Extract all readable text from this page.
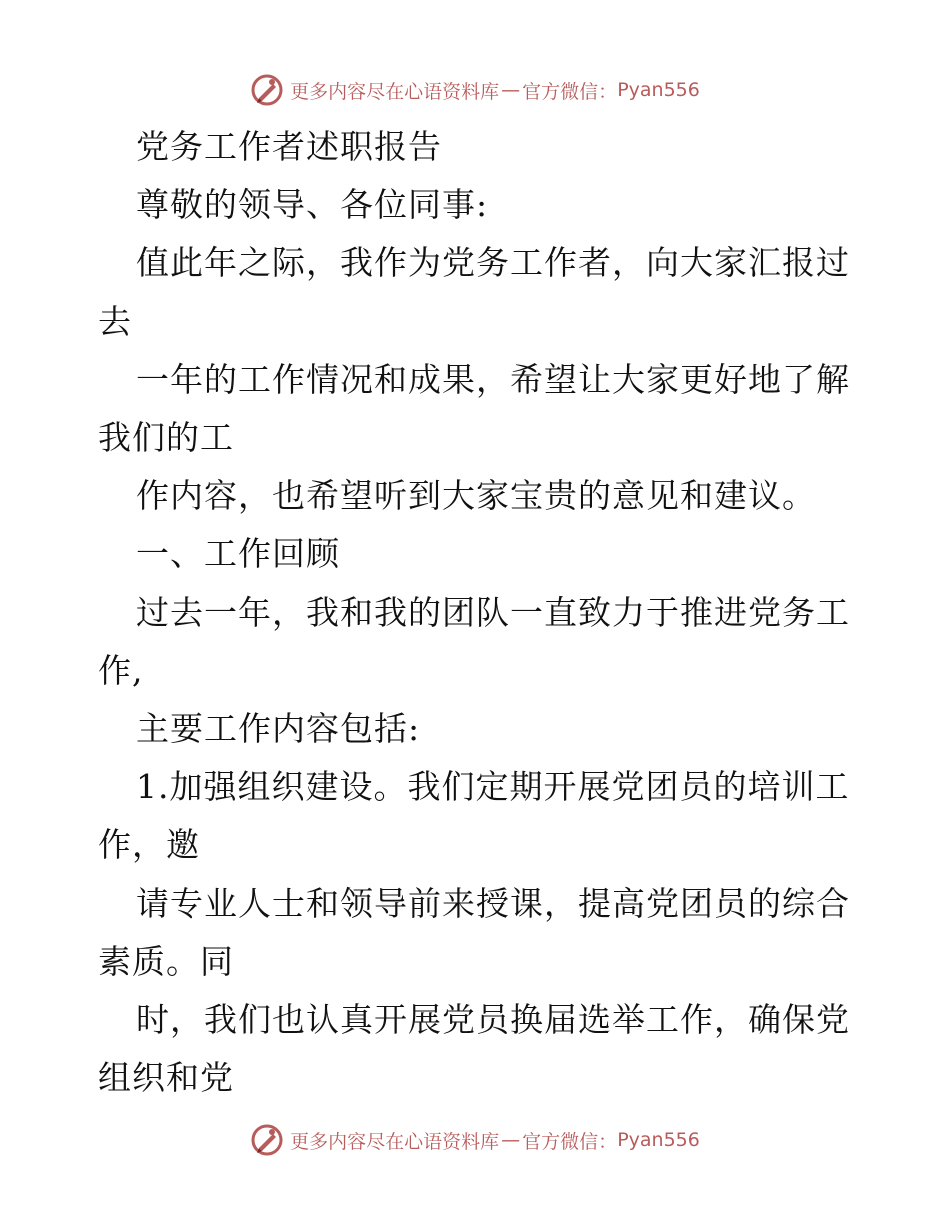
更多内容尽在心语资料库 — 官方微信： Pyan556

党务工作者述职报告

尊敬的领导、各位同事:

值此年之际，我作为党务工作者，向大家汇报过

去

一年的工作情况和成果，希望让大家更好地了解

我们的工

作内容，也希望听到大家宝贵的意见和建议。

一、工作回顾

过去一年，我和我的团队一直致力于推进党务工

作,

主要工作内容包括:

1.加强组织建设。我们定期开展党团员的培训工

作，邀

请专业人士和领导前来授课，提高党团员的综合

素质。同

时，我们也认真开展党员换届选举工作，确保党

组织和党

更多内容尽在心语资料库 — 官方微信： Pyan556
